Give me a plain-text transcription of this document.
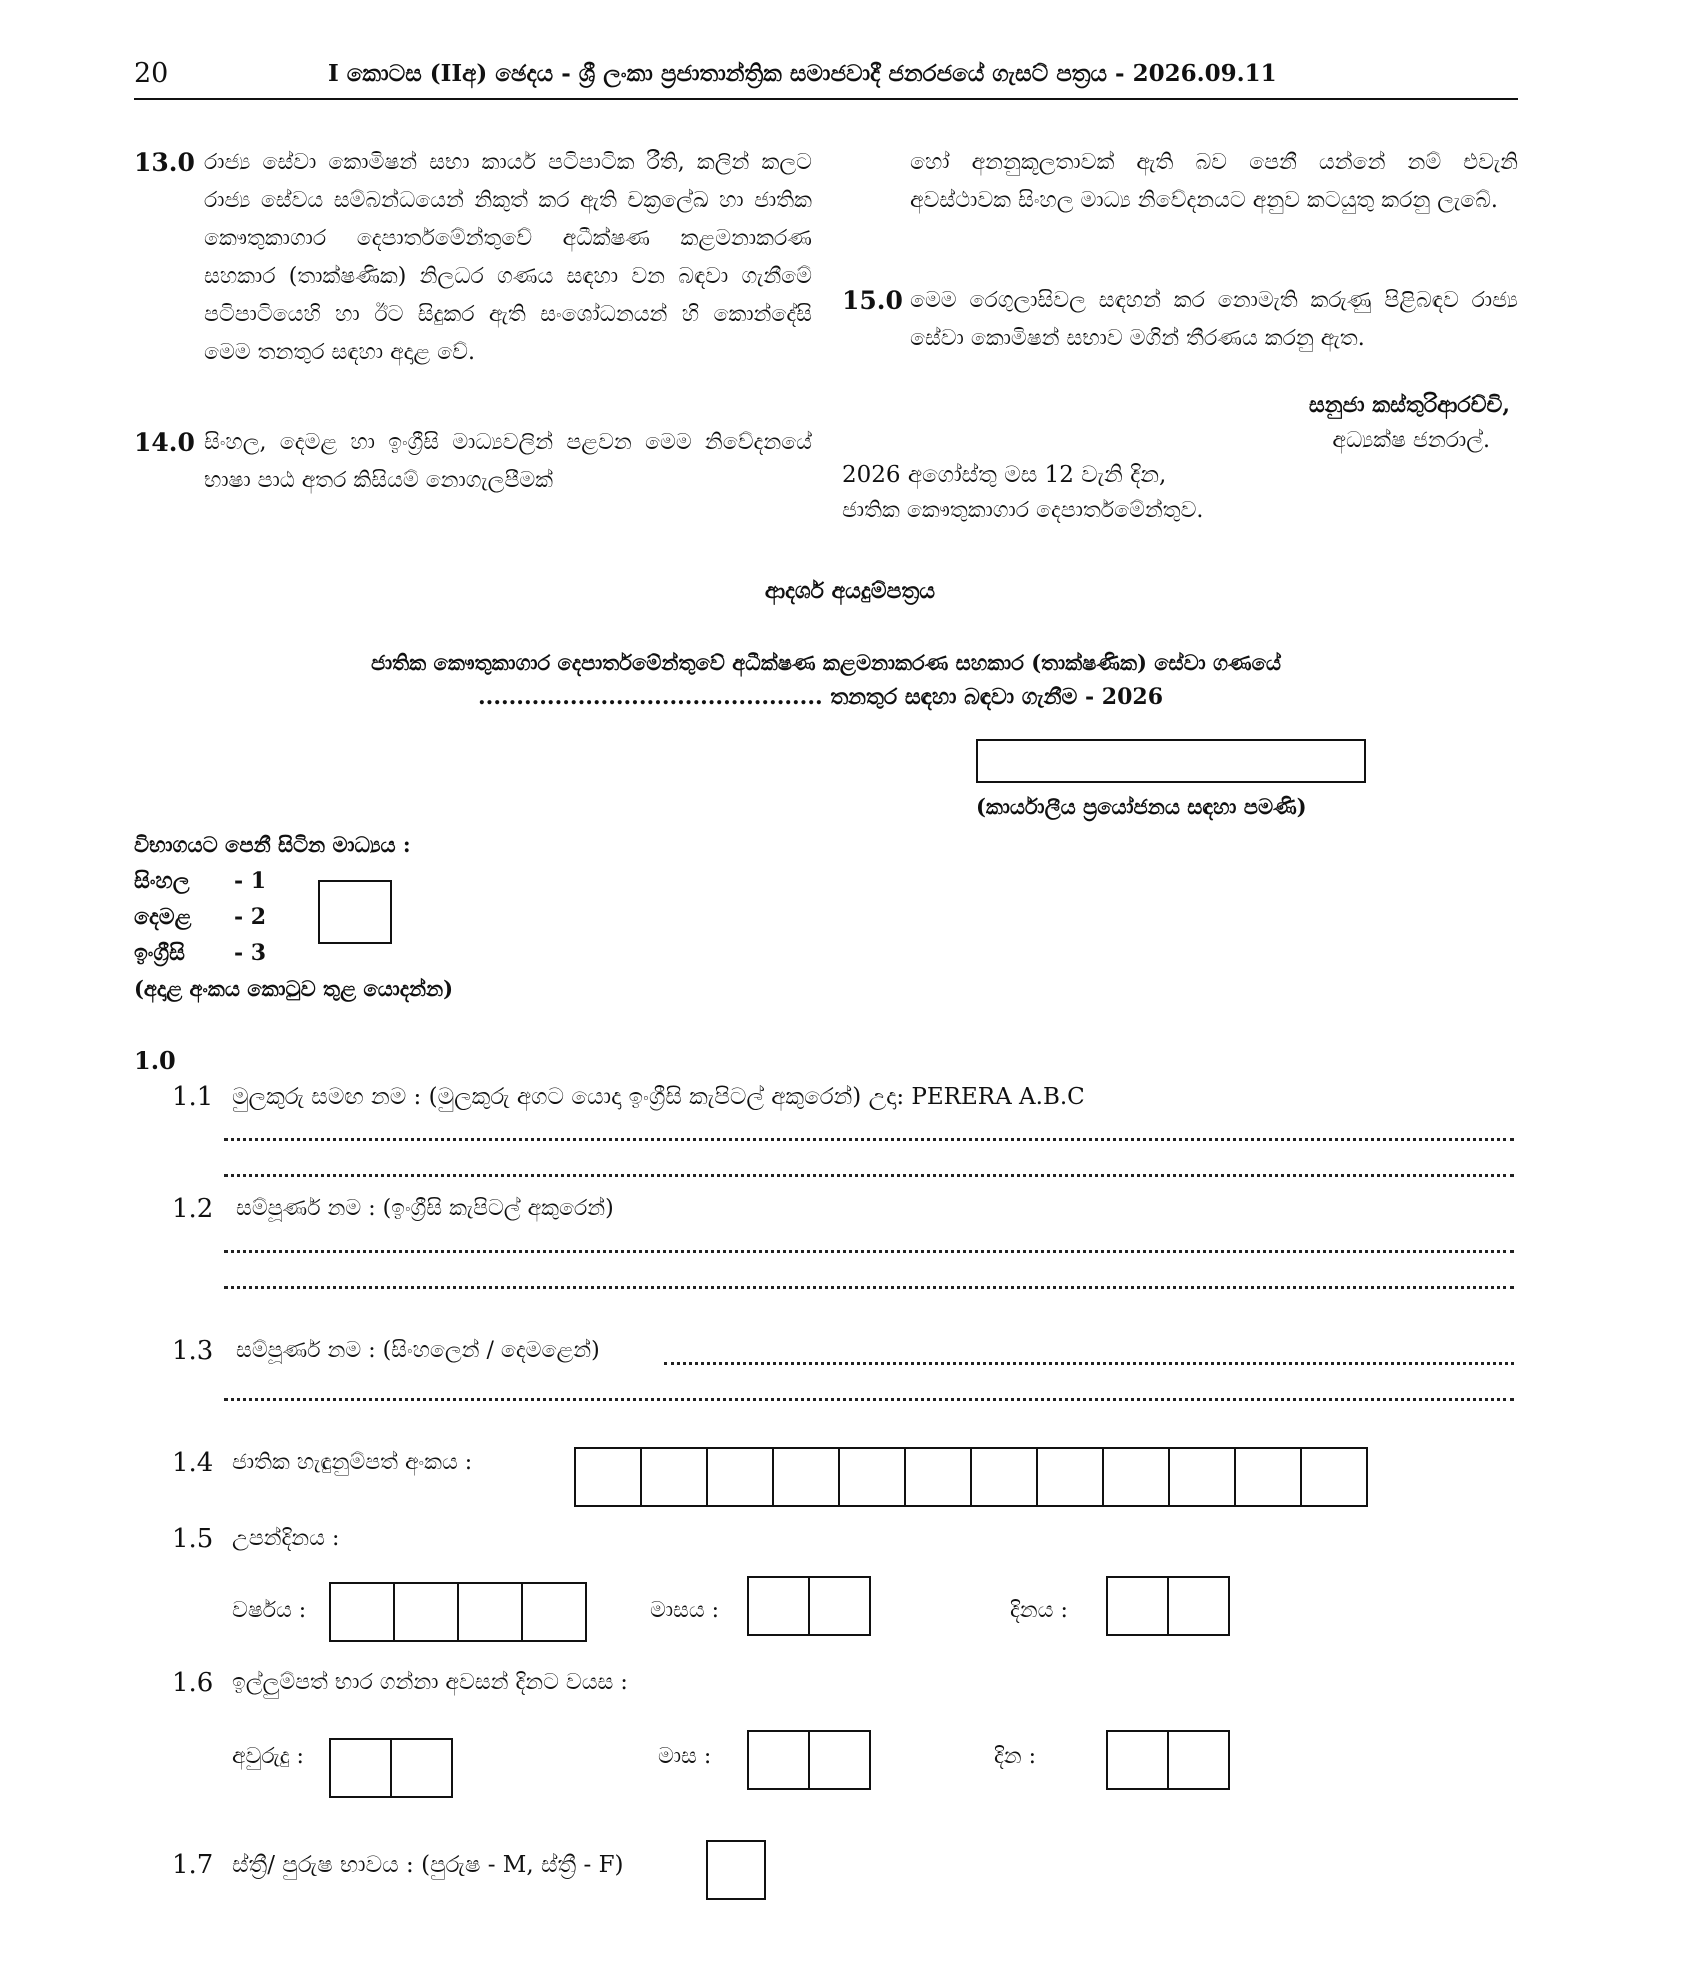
20	I කොටස (IIඅ) ඡෙදය - ශ්‍රී ලංකා ප්‍රජාතාන්ත්‍රික සමාජවාදී ජනරජයේ ගැසට් පත්‍රය - 2026.09.11
13.0 රාජ්‍ය සේවා කොමිෂන් සභා කාර්ය පටිපාටික රීති, කලින් කලට රාජ්‍ය සේවය සම්බන්ධයෙන් නිකුත් කර ඇති චක්‍රලේඛ හා ජාතික කෞතුකාගාර දෙපාර්තමේන්තුවේ අධීක්ෂණ කළමනාකරණ සහකාර (තාක්ෂණික) නිලධර ගණය සඳහා වන බඳවා ගැනීමේ පටිපාටියෙහි හා ඊට සිදුකර ඇති සංශෝධනයන් හි කොන්දේසි මෙම තනතුර සඳහා අදාළ වේ.
14.0 සිංහල, දෙමළ හා ඉංග්‍රීසි මාධ්‍යවලින් පළවන මෙම නිවේදනයේ භාෂා පාඨ අතර කිසියම් නොගැලපීමක්
හෝ අනනුකූලතාවක් ඇති බව පෙනී යන්නේ නම් එවැනි අවස්ථාවක සිංහල මාධ්‍ය නිවේදනයට අනුව කටයුතු කරනු ලැබේ.
15.0 මෙම රෙගුලාසිවල සඳහන් කර නොමැති කරුණු පිළිබඳව රාජ්‍ය සේවා කොමිෂන් සභාව මගින් තීරණය කරනු ඇත.
සනුජා කස්තුරිආරච්චි,
අධ්‍යක්ෂ ජනරාල්.
2026 අගෝස්තු මස 12 වැනි දින,
ජාතික කෞතුකාගාර දෙපාර්තමේන්තුව.
ආදර්ශ අයදුම්පත්‍රය
ජාතික කෞතුකාගාර දෙපාර්තමේන්තුවේ අධීක්ෂණ කළමනාකරණ සහකාර (තාක්ෂණික) සේවා ගණයේ
............................................. තනතුර සඳහා බඳවා ගැනීම - 2026
(කාර්යාලීය ප්‍රයෝජනය සඳහා පමණි)
විභාගයට පෙනී සිටින මාධ්‍යය :
සිංහල - 1
දෙමළ - 2
ඉංග්‍රීසි - 3
(අදාළ අංකය කොටුව තුළ යොදන්න)
1.0
1.1 මුලකුරු සමඟ නම : (මුලකුරු අගට යොදා ඉංග්‍රීසි කැපිටල් අකුරෙන්) උදා: PERERA A.B.C
1.2 සම්පූර්ණ නම : (ඉංග්‍රීසි කැපිටල් අකුරෙන්)
1.3 සම්පූර්ණ නම : (සිංහලෙන් / දෙමළෙන්)
1.4 ජාතික හැඳුනුම්පත් අංකය :
1.5 උපන්දිනය :
වර්ෂය :	මාසය :	දිනය :
1.6 ඉල්ලුම්පත් භාර ගන්නා අවසන් දිනට වයස :
අවුරුදු :	මාස :	දින :
1.7 ස්ත්‍රී/ පුරුෂ භාවය : (පුරුෂ - M, ස්ත්‍රී - F)
